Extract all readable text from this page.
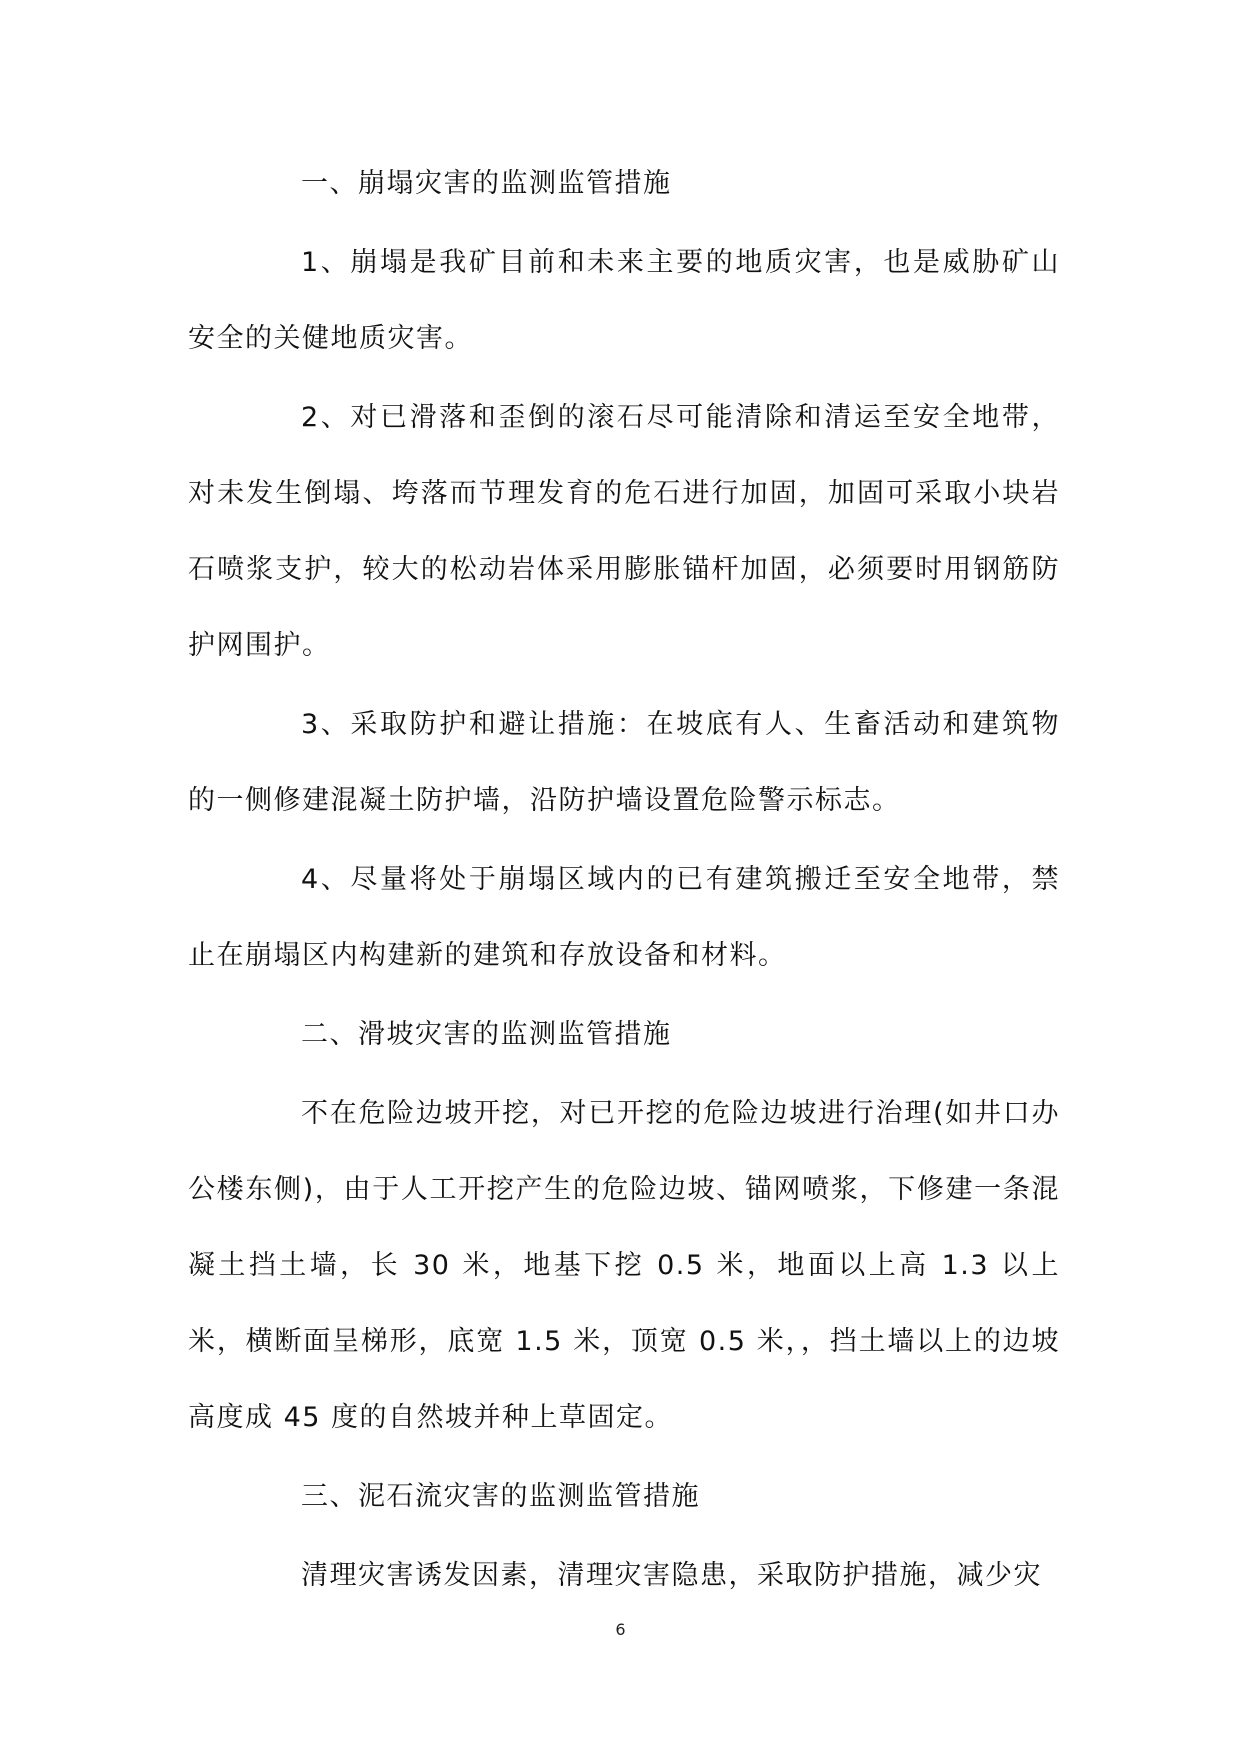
一、崩塌灾害的监测监管措施

1、崩塌是我矿目前和未来主要的地质灾害，也是威胁矿山安全的关健地质灾害。

2、对已滑落和歪倒的滚石尽可能清除和清运至安全地带，对未发生倒塌、垮落而节理发育的危石进行加固，加固可采取小块岩石喷浆支护，较大的松动岩体采用膨胀锚杆加固，必须要时用钢筋防护网围护。

3、采取防护和避让措施：在坡底有人、生畜活动和建筑物的一侧修建混凝土防护墙，沿防护墙设置危险警示标志。

4、尽量将处于崩塌区域内的已有建筑搬迁至安全地带，禁止在崩塌区内构建新的建筑和存放设备和材料。

二、滑坡灾害的监测监管措施

不在危险边坡开挖，对已开挖的危险边坡进行治理(如井口办公楼东侧)，由于人工开挖产生的危险边坡、锚网喷浆，下修建一条混凝土挡土墙，长 30 米，地基下挖 0.5 米，地面以上高 1.3 以上米，横断面呈梯形，底宽 1.5 米，顶宽 0.5 米，，挡土墙以上的边坡高度成 45 度的自然坡并种上草固定。

三、泥石流灾害的监测监管措施

清理灾害诱发因素，清理灾害隐患，采取防护措施，减少灾

6
